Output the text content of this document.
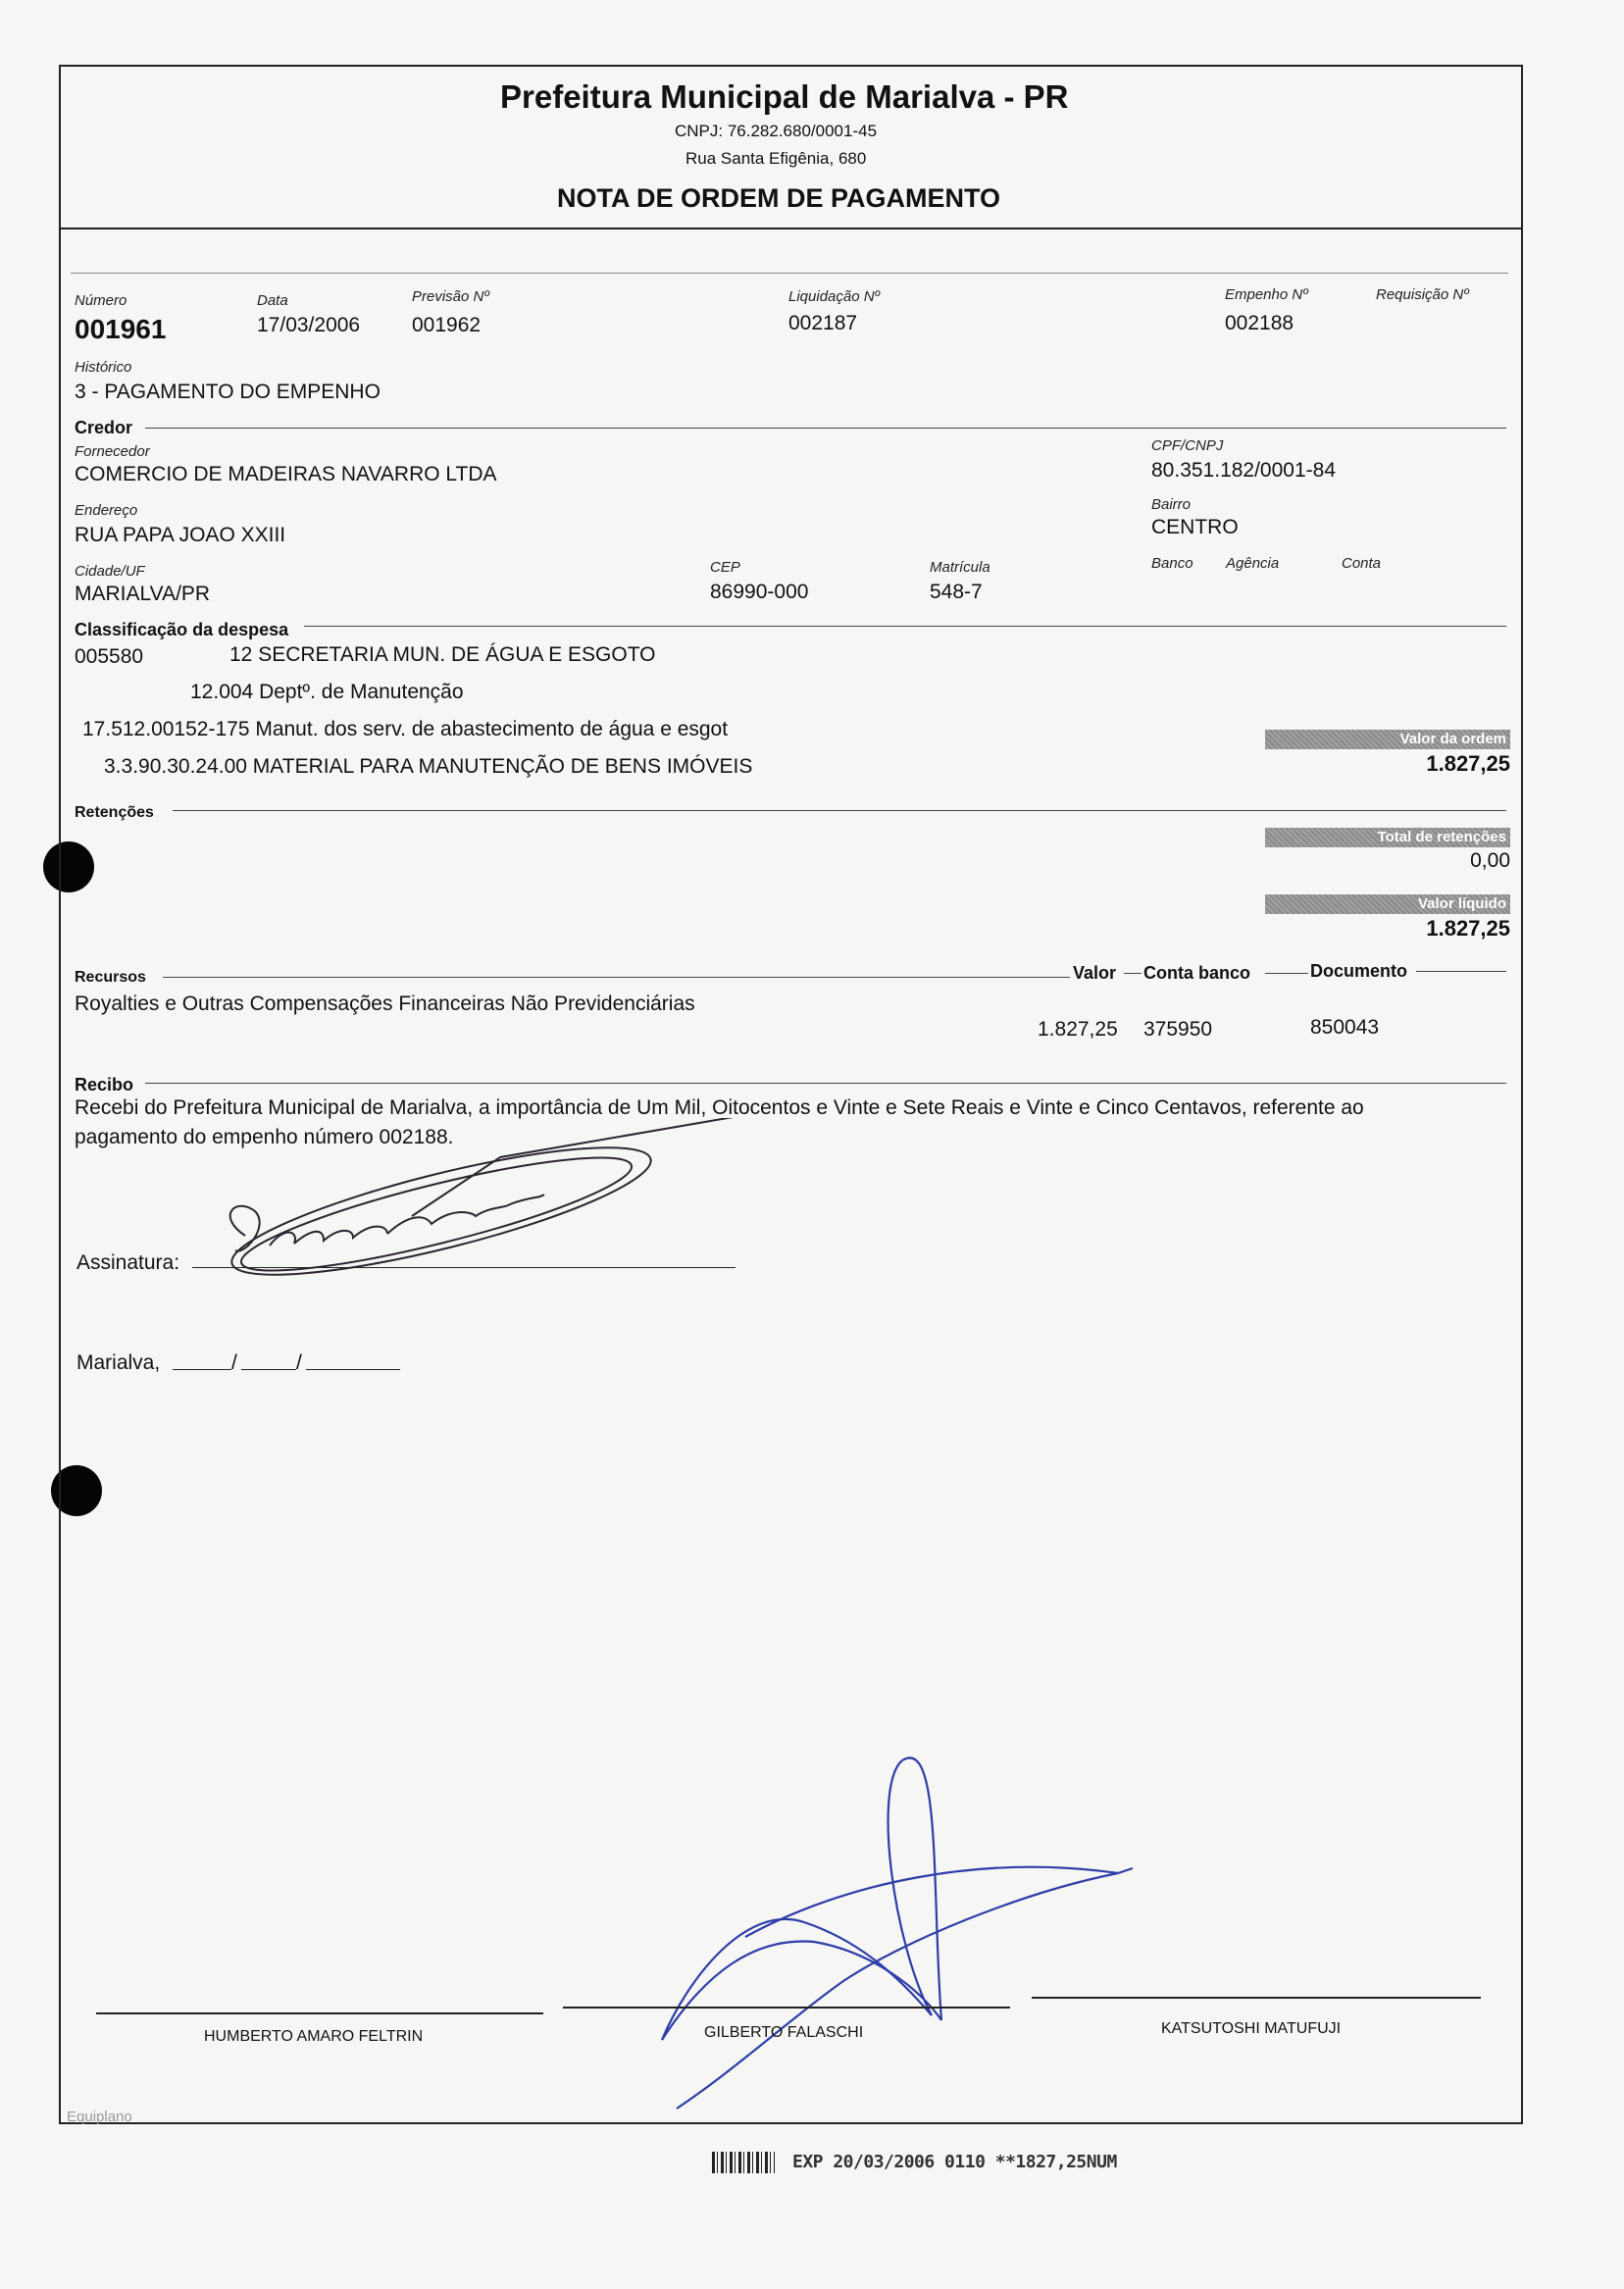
Prefeitura Municipal de Marialva - PR
CNPJ: 76.282.680/0001-45
Rua Santa Efigênia, 680
NOTA DE ORDEM DE PAGAMENTO
Número
001961
Data
17/03/2006
Previsão Nº
001962
Liquidação Nº
002187
Empenho Nº
002188
Requisição Nº
Histórico
3 - PAGAMENTO DO EMPENHO
Credor
Fornecedor
COMERCIO DE MADEIRAS NAVARRO LTDA
CPF/CNPJ
80.351.182/0001-84
Endereço
RUA PAPA JOAO XXIII
Bairro
CENTRO
Cidade/UF
MARIALVA/PR
CEP
86990-000
Matrícula
548-7
Banco Agência	Conta
Classificação da despesa
005580	12 SECRETARIA MUN. DE ÁGUA E ESGOTO
12.004 Deptº. de Manutenção
17.512.00152-175 Manut. dos serv. de abastecimento de água e esgot
3.3.90.30.24.00 MATERIAL PARA MANUTENÇÃO DE BENS IMÓVEIS
Valor da ordem
1.827,25
Retenções
Total de retenções
0,00
Valor líquido
1.827,25
Recursos	Valor Conta banco	Documento
Royalties e Outras Compensações Financeiras Não Previdenciárias
1.827,25 375950	850043
Recibo
Recebi do Prefeitura Municipal de Marialva, a importância de Um Mil, Oitocentos e Vinte e Sete Reais e Vinte e Cinco Centavos, referente ao
pagamento do empenho número 002188.
Assinatura:
Marialva,	/	/
HUMBERTO AMARO FELTRIN	GILBERTO FALASCHI	KATSUTOSHI MATUFUJI
Equiplano
EXP 20/03/2006 0110 **1827,25NUM
